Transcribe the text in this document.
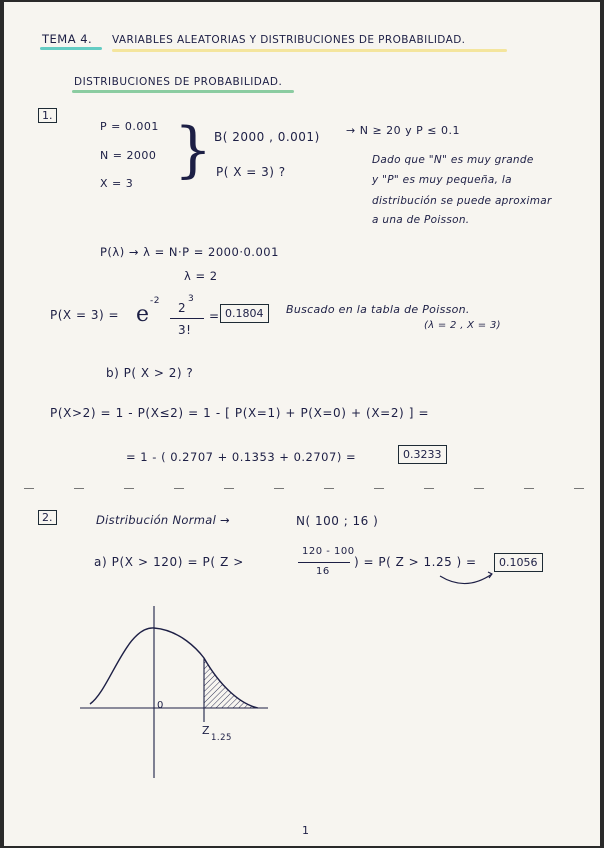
TEMA 4. VARIABLES ALEATORIAS Y DISTRIBUCIONES DE PROBABILIDAD.
DISTRIBUCIONES DE PROBABILIDAD.
1.
P = 0.001
N = 2000
X = 3 } B( 2000 , 0.001)
P( X = 3) ?
→ N ≥ 20 y P ≤ 0.1
Dado que "N" es muy grande
y "P" es muy pequeña, la
distribución se puede aproximar
a una de Poisson.
P(λ) → λ = N·P = 2000·0.001
λ = 2
P(X = 3) = e
-2 2
3
3!
= 0.1804	Buscado en la tabla de Poisson.
(λ = 2 , X = 3)
b) P( X > 2) ?
P(X>2) = 1 - P(X≤2) = 1 - [ P(X=1) + P(X=0) + (X=2) ] =
= 1 - ( 0.2707 + 0.1353 + 0.2707) =	0.3233
2.	Distribución Normal →	N( 100 ; 16 )
a) P(X > 120) = P( Z >
120 - 100
16
) = P( Z > 1.25 ) =	0.1056
0
Z
1.25
1
